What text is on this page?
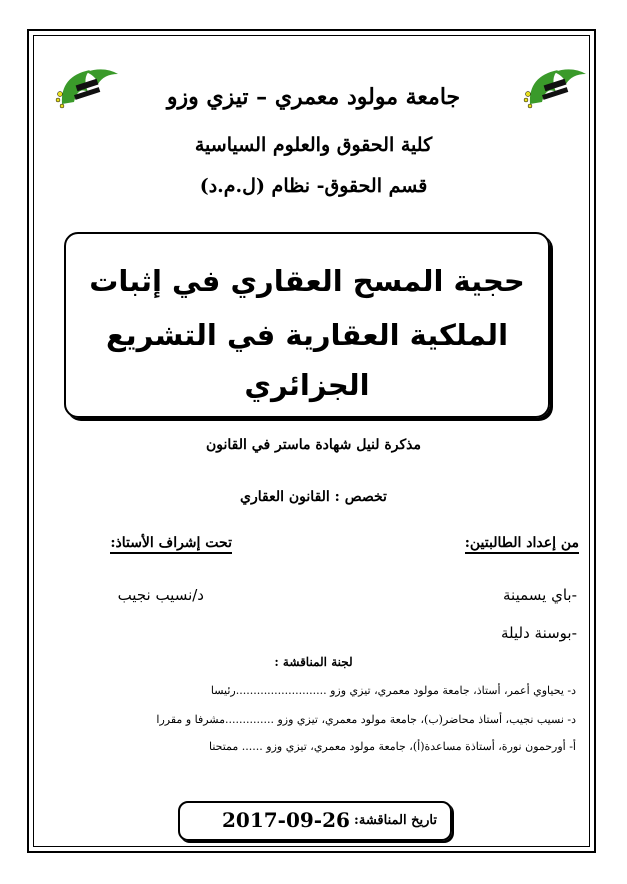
جامعة مولود معمري – تيزي وزو
كلية الحقوق والعلوم السياسية
قسم الحقوق- نظام (ل.م.د)
حجية المسح العقاري في إثبات
الملكية العقارية في التشريع
الجزائري
مذكرة لنيل شهادة ماستر في القانون
تخصص : القانون العقاري
من إعداد الطالبتين:
تحت إشراف الأستاذ:
-باي يسمينة
-بوسنة دليلة
د/نسيب نجيب
لجنة المناقشة :
د- يحياوي أعمر، أستاذ، جامعة مولود معمري، تيزي وزو ..........................رئيسا
د- نسيب نجيب، أستاذ محاضر(ب)، جامعة مولود معمري، تيزي وزو ..............مشرفا و مقررا
أ- أورحمون نورة، أستاذة مساعدة(أ)، جامعة مولود معمري، تيزي وزو ...... ممتحنا
تاريخ المناقشة:
2017-09-26
